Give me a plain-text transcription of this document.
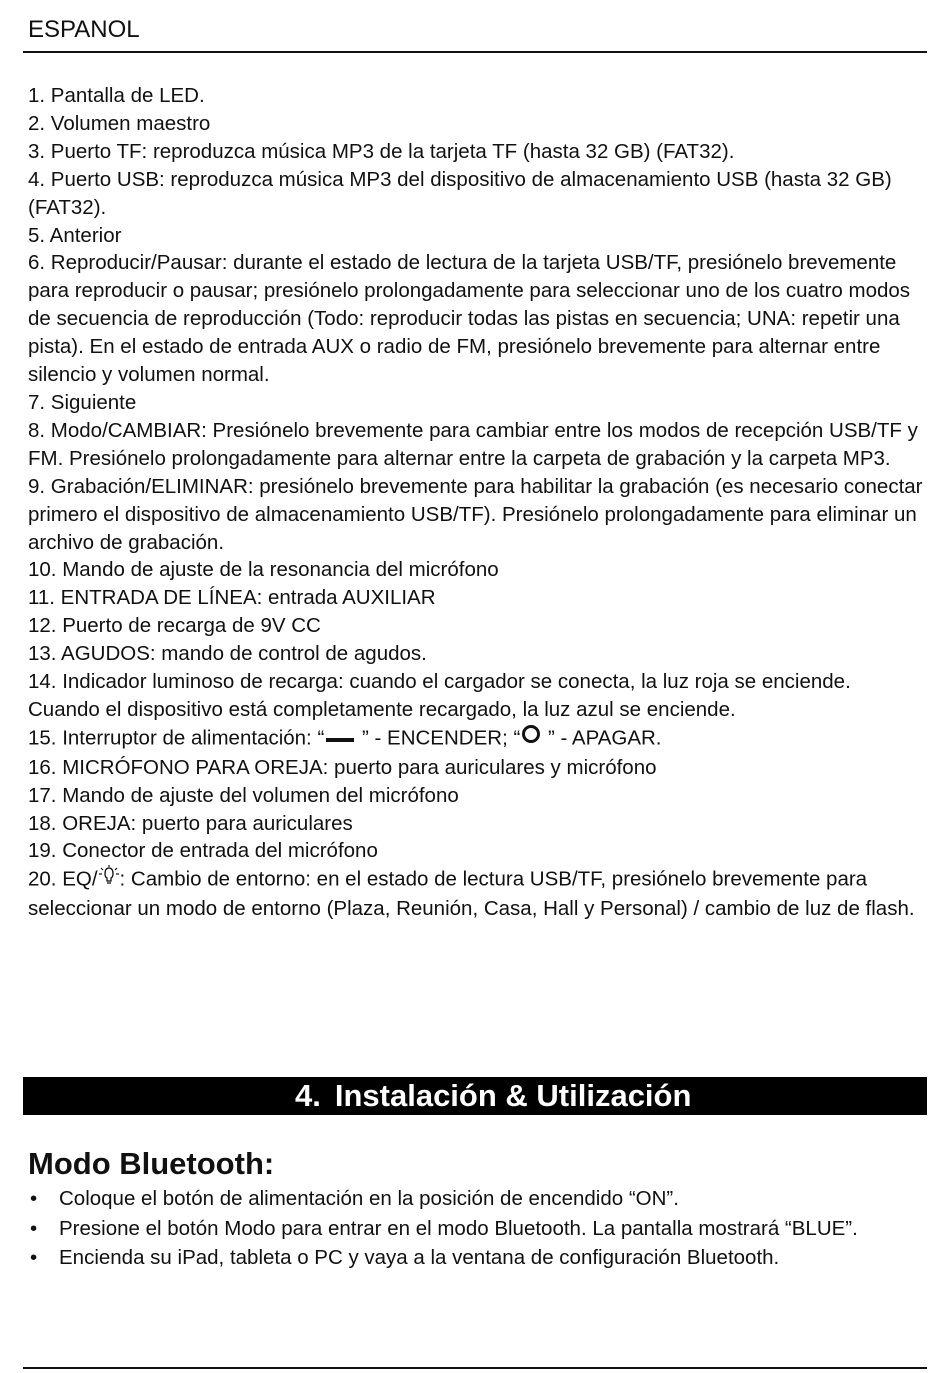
ESPANOL

1. Pantalla de LED.

2. Volumen maestro

3. Puerto TF: reproduzca música MP3 de la tarjeta TF (hasta 32 GB) (FAT32).

4. Puerto USB: reproduzca música MP3 del dispositivo de almacenamiento USB (hasta 32 GB) (FAT32).

5. Anterior

6. Reproducir/Pausar: durante el estado de lectura de la tarjeta USB/TF, presiónelo brevemente para reproducir o pausar; presiónelo prolongadamente para seleccionar uno de los cuatro modos de secuencia de reproducción (Todo: reproducir todas las pistas en secuencia; UNA: repetir una pista). En el estado de entrada AUX o radio de FM, presiónelo brevemente para alternar entre silencio y volumen normal.

7. Siguiente

8. Modo/CAMBIAR: Presiónelo brevemente para cambiar entre los modos de recepción USB/TF y FM. Presiónelo prolongadamente para alternar entre la carpeta de grabación y la carpeta MP3.

9. Grabación/ELIMINAR: presiónelo brevemente para habilitar la grabación (es necesario conectar primero el dispositivo de almacenamiento USB/TF). Presiónelo prolongadamente para eliminar un archivo de grabación.

10. Mando de ajuste de la resonancia del micrófono

11. ENTRADA DE LÍNEA: entrada AUXILIAR

12. Puerto de recarga de 9V CC

13. AGUDOS: mando de control de agudos.

14. Indicador luminoso de recarga: cuando el cargador se conecta, la luz roja se enciende. Cuando el dispositivo está completamente recargado, la luz azul se enciende.

15. Interruptor de alimentación: “ ” - ENCENDER; “ ” - APAGAR.

16. MICRÓFONO PARA OREJA: puerto para auriculares y micrófono

17. Mando de ajuste del volumen del micrófono

18. OREJA: puerto para auriculares

19. Conector de entrada del micrófono

20. EQ/ : Cambio de entorno: en el estado de lectura USB/TF, presiónelo brevemente para seleccionar un modo de entorno (Plaza, Reunión, Casa, Hall y Personal) / cambio de luz de flash.

4. Instalación & Utilización
Modo Bluetooth:
• Coloque el botón de alimentación en la posición de encendido “ON”.
• Presione el botón Modo para entrar en el modo Bluetooth. La pantalla mostrará “BLUE”.
• Encienda su iPad, tableta o PC y vaya a la ventana de configuración Bluetooth.
